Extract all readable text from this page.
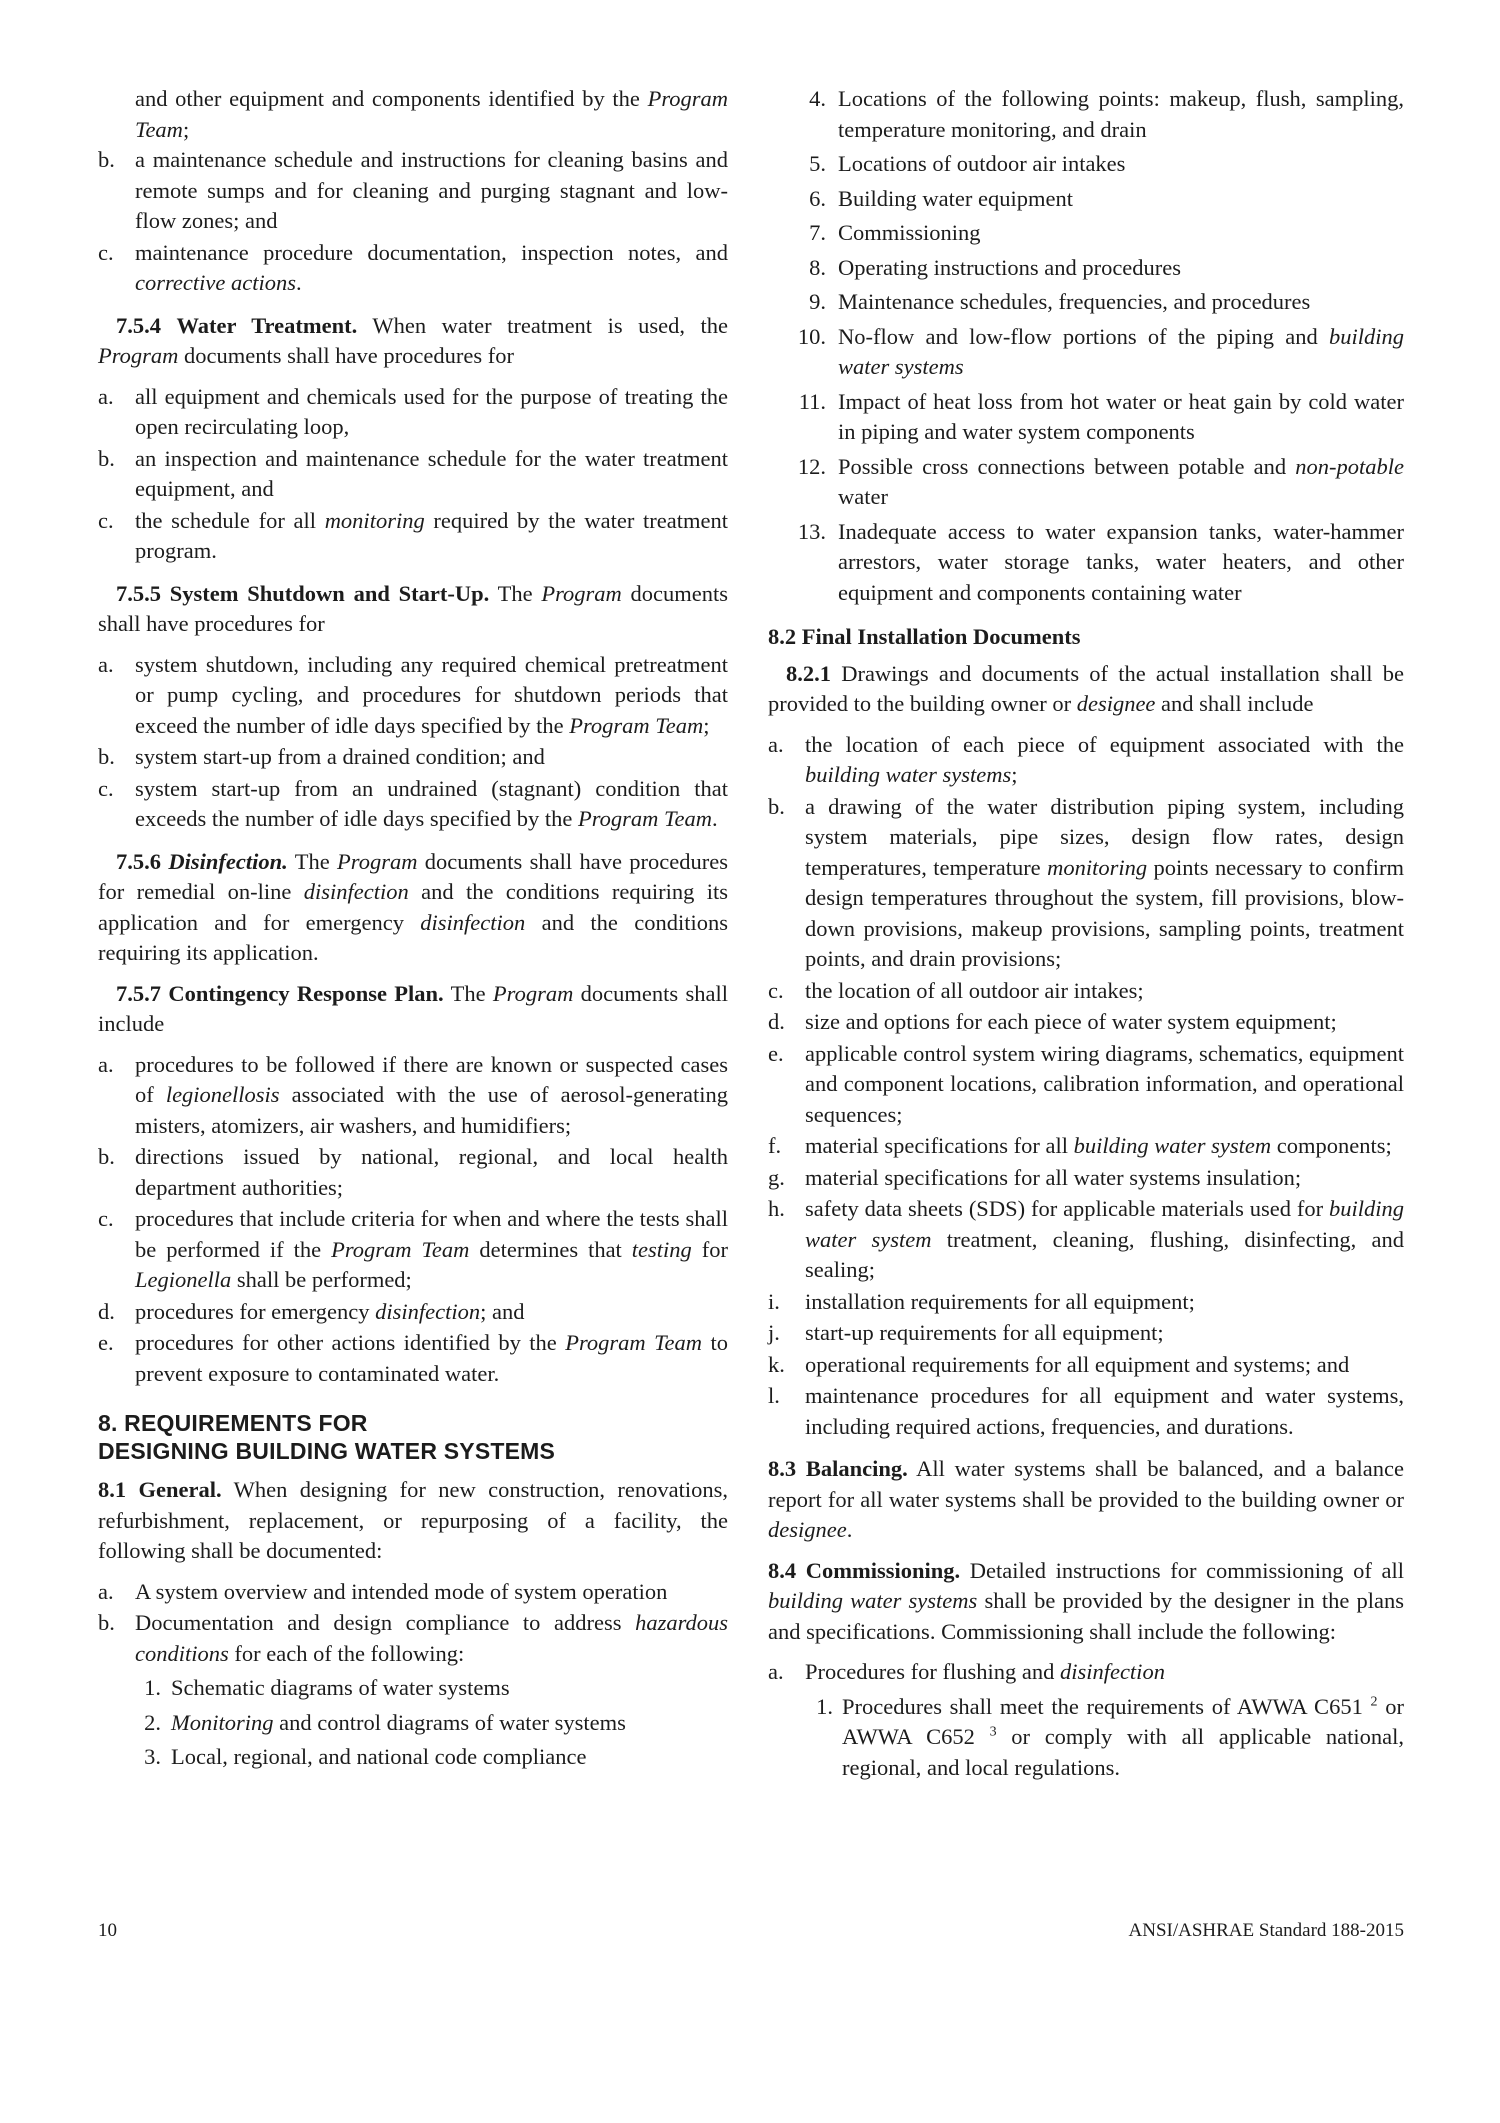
and other equipment and components identified by the Program Team;
b. a maintenance schedule and instructions for cleaning basins and remote sumps and for cleaning and purging stagnant and low-flow zones; and
c. maintenance procedure documentation, inspection notes, and corrective actions.

7.5.4 Water Treatment. When water treatment is used, the Program documents shall have procedures for

a. all equipment and chemicals used for the purpose of treating the open recirculating loop,
b. an inspection and maintenance schedule for the water treatment equipment, and
c. the schedule for all monitoring required by the water treatment program.

7.5.5 System Shutdown and Start-Up. The Program documents shall have procedures for

a. system shutdown, including any required chemical pretreatment or pump cycling, and procedures for shutdown periods that exceed the number of idle days specified by the Program Team;
b. system start-up from a drained condition; and
c. system start-up from an undrained (stagnant) condition that exceeds the number of idle days specified by the Program Team.

7.5.6 Disinfection. The Program documents shall have procedures for remedial on-line disinfection and the conditions requiring its application and for emergency disinfection and the conditions requiring its application.

7.5.7 Contingency Response Plan. The Program documents shall include

a. procedures to be followed if there are known or suspected cases of legionellosis associated with the use of aerosol-generating misters, atomizers, air washers, and humidifiers;
b. directions issued by national, regional, and local health department authorities;
c. procedures that include criteria for when and where the tests shall be performed if the Program Team determines that testing for Legionella shall be performed;
d. procedures for emergency disinfection; and
e. procedures for other actions identified by the Program Team to prevent exposure to contaminated water.
8. REQUIREMENTS FOR
DESIGNING BUILDING WATER SYSTEMS

8.1 General. When designing for new construction, renovations, refurbishment, replacement, or repurposing of a facility, the following shall be documented:

a. A system overview and intended mode of system operation
b. Documentation and design compliance to address hazardous conditions for each of the following:
1. Schematic diagrams of water systems
2. Monitoring and control diagrams of water systems
3. Local, regional, and national code compliance
4. Locations of the following points: makeup, flush, sampling, temperature monitoring, and drain
5. Locations of outdoor air intakes
6. Building water equipment
7. Commissioning
8. Operating instructions and procedures
9. Maintenance schedules, frequencies, and procedures
10. No-flow and low-flow portions of the piping and building water systems
11. Impact of heat loss from hot water or heat gain by cold water in piping and water system components
12. Possible cross connections between potable and non-potable water
13. Inadequate access to water expansion tanks, water-hammer arrestors, water storage tanks, water heaters, and other equipment and components containing water
8.2 Final Installation Documents

8.2.1 Drawings and documents of the actual installation shall be provided to the building owner or designee and shall include

a. the location of each piece of equipment associated with the building water systems;
b. a drawing of the water distribution piping system, including system materials, pipe sizes, design flow rates, design temperatures, temperature monitoring points necessary to confirm design temperatures throughout the system, fill provisions, blow-down provisions, makeup provisions, sampling points, treatment points, and drain provisions;
c. the location of all outdoor air intakes;
d. size and options for each piece of water system equipment;
e. applicable control system wiring diagrams, schematics, equipment and component locations, calibration information, and operational sequences;
f. material specifications for all building water system components;
g. material specifications for all water systems insulation;
h. safety data sheets (SDS) for applicable materials used for building water system treatment, cleaning, flushing, disinfecting, and sealing;
i. installation requirements for all equipment;
j. start-up requirements for all equipment;
k. operational requirements for all equipment and systems; and
l. maintenance procedures for all equipment and water systems, including required actions, frequencies, and durations.

8.3 Balancing. All water systems shall be balanced, and a balance report for all water systems shall be provided to the building owner or designee.

8.4 Commissioning. Detailed instructions for commissioning of all building water systems shall be provided by the designer in the plans and specifications. Commissioning shall include the following:

a. Procedures for flushing and disinfection
1. Procedures shall meet the requirements of AWWA C651 $^2$ or AWWA C652 $^3$ or comply with all applicable national, regional, and local regulations.
10	ANSI/ASHRAE Standard 188-2015
